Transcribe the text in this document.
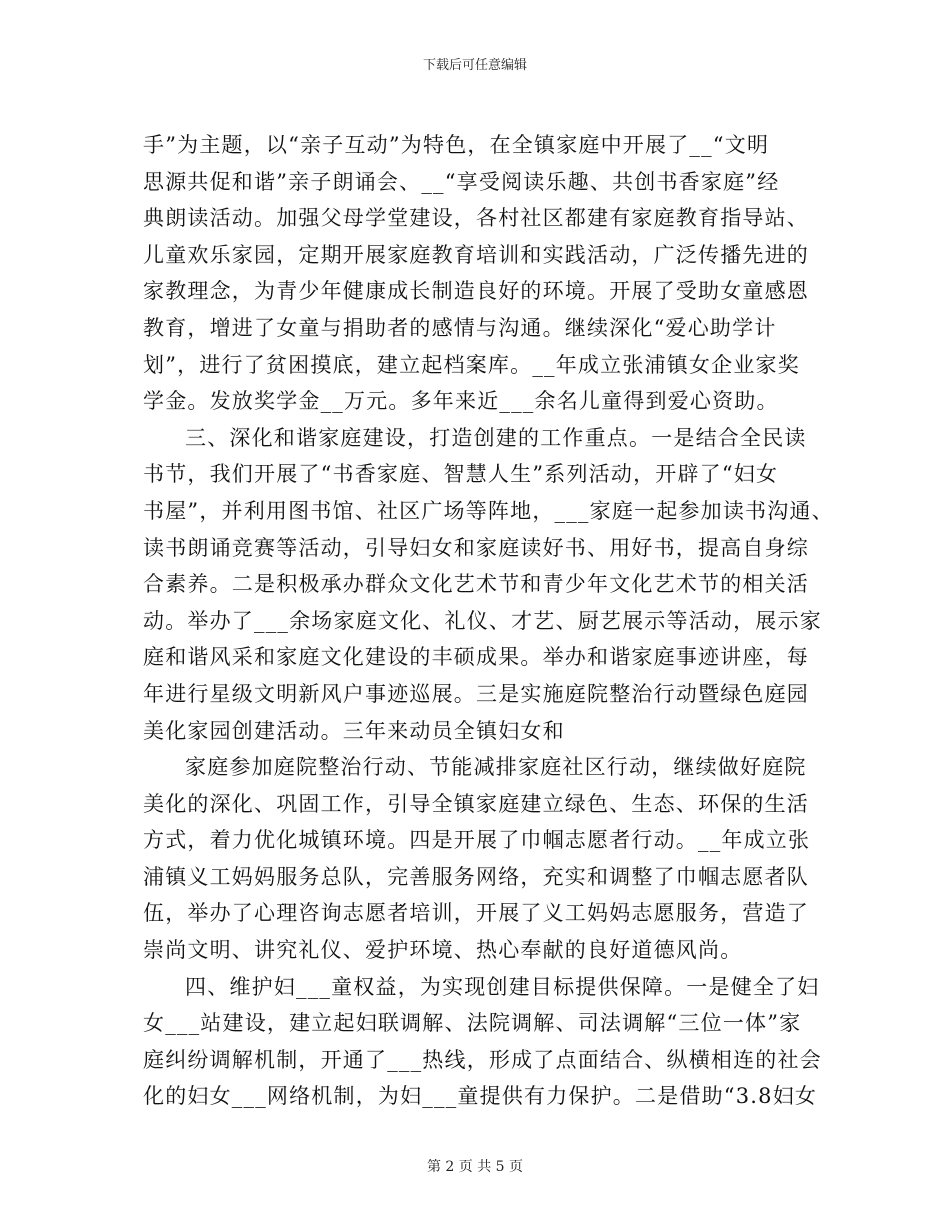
下载后可任意编辑
手”为主题，以“亲子互动”为特色，在全镇家庭中开展了__“文明
思源共促和谐”亲子朗诵会、__“享受阅读乐趣、共创书香家庭”经
典朗读活动。加强父母学堂建设，各村社区都建有家庭教育指导站、
儿童欢乐家园，定期开展家庭教育培训和实践活动，广泛传播先进的
家教理念，为青少年健康成长制造良好的环境。开展了受助女童感恩
教育，增进了女童与捐助者的感情与沟通。继续深化“爱心助学计
划”，进行了贫困摸底，建立起档案库。__年成立张浦镇女企业家奖
学金。发放奖学金__万元。多年来近___余名儿童得到爱心资助。
三、深化和谐家庭建设，打造创建的工作重点。一是结合全民读
书节，我们开展了“书香家庭、智慧人生”系列活动，开辟了“妇女
书屋”，并利用图书馆、社区广场等阵地，___家庭一起参加读书沟通、
读书朗诵竞赛等活动，引导妇女和家庭读好书、用好书，提高自身综
合素养。二是积极承办群众文化艺术节和青少年文化艺术节的相关活
动。举办了___余场家庭文化、礼仪、才艺、厨艺展示等活动，展示家
庭和谐风采和家庭文化建设的丰硕成果。举办和谐家庭事迹讲座，每
年进行星级文明新风户事迹巡展。三是实施庭院整治行动暨绿色庭园
美化家园创建活动。三年来动员全镇妇女和
家庭参加庭院整治行动、节能减排家庭社区行动，继续做好庭院
美化的深化、巩固工作，引导全镇家庭建立绿色、生态、环保的生活
方式，着力优化城镇环境。四是开展了巾帼志愿者行动。__年成立张
浦镇义工妈妈服务总队，完善服务网络，充实和调整了巾帼志愿者队
伍，举办了心理咨询志愿者培训，开展了义工妈妈志愿服务，营造了
崇尚文明、讲究礼仪、爱护环境、热心奉献的良好道德风尚。
四、维护妇___童权益，为实现创建目标提供保障。一是健全了妇
女___站建设，建立起妇联调解、法院调解、司法调解“三位一体”家
庭纠纷调解机制，开通了___热线，形成了点面结合、纵横相连的社会
化的妇女___网络机制，为妇___童提供有力保护。二是借助“3.8妇女
第 2 页 共 5 页
